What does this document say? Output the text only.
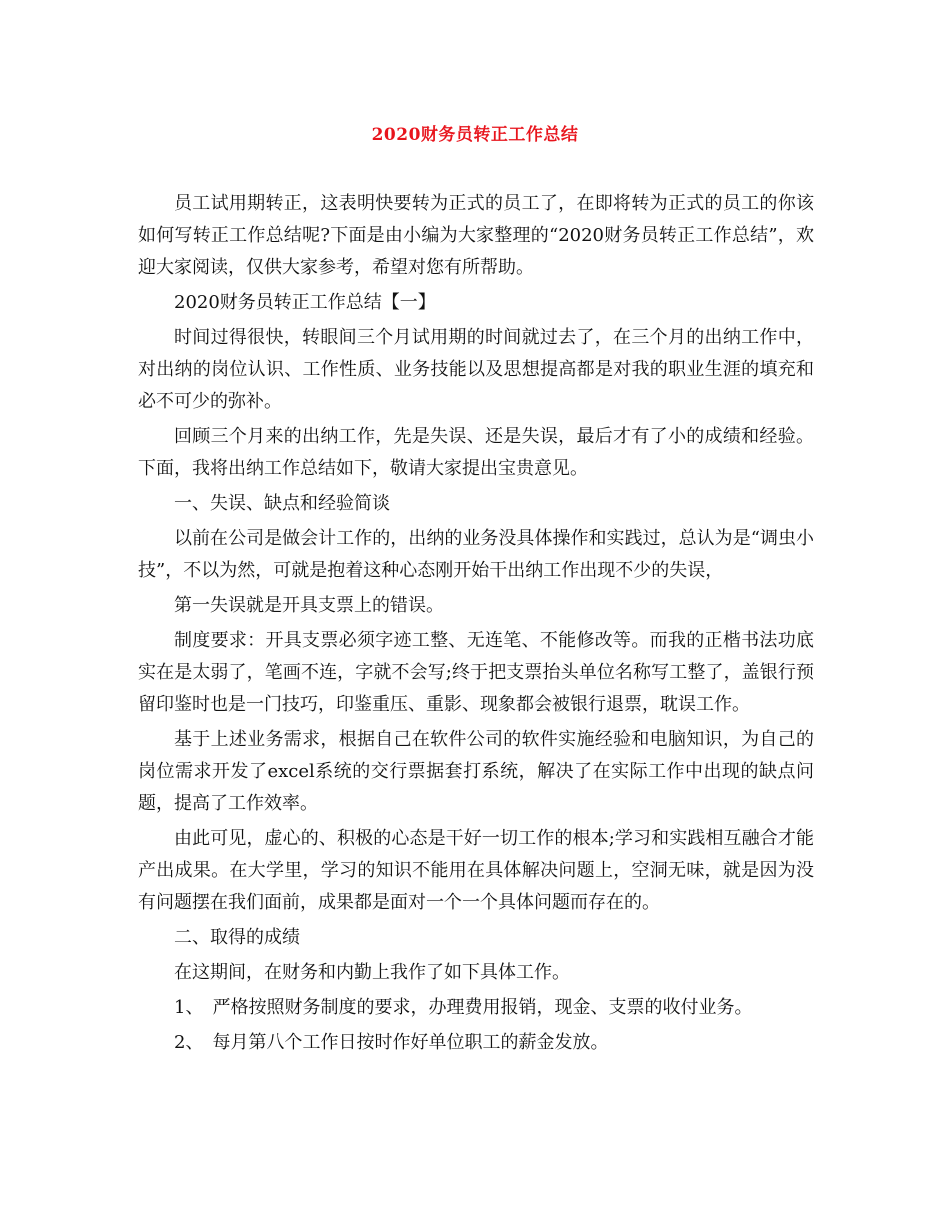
2020财务员转正工作总结

员工试用期转正，这表明快要转为正式的员工了，在即将转为正式的员工的你该如何写转正工作总结呢?下面是由小编为大家整理的“2020财务员转正工作总结”，欢迎大家阅读，仅供大家参考，希望对您有所帮助。

2020财务员转正工作总结【一】

时间过得很快，转眼间三个月试用期的时间就过去了，在三个月的出纳工作中，对出纳的岗位认识、工作性质、业务技能以及思想提高都是对我的职业生涯的填充和必不可少的弥补。

回顾三个月来的出纳工作，先是失误、还是失误，最后才有了小的成绩和经验。下面，我将出纳工作总结如下，敬请大家提出宝贵意见。

一、失误、缺点和经验简谈

以前在公司是做会计工作的，出纳的业务没具体操作和实践过，总认为是“调虫小技”，不以为然，可就是抱着这种心态刚开始干出纳工作出现不少的失误，

第一失误就是开具支票上的错误。

制度要求：开具支票必须字迹工整、无连笔、不能修改等。而我的正楷书法功底实在是太弱了，笔画不连，字就不会写;终于把支票抬头单位名称写工整了，盖银行预留印鉴时也是一门技巧，印鉴重压、重影、现象都会被银行退票，耽误工作。

基于上述业务需求，根据自己在软件公司的软件实施经验和电脑知识，为自己的岗位需求开发了excel系统的交行票据套打系统，解决了在实际工作中出现的缺点问题，提高了工作效率。

由此可见，虚心的、积极的心态是干好一切工作的根本;学习和实践相互融合才能产出成果。在大学里，学习的知识不能用在具体解决问题上，空洞无味，就是因为没有问题摆在我们面前，成果都是面对一个一个具体问题而存在的。

二、取得的成绩

在这期间，在财务和内勤上我作了如下具体工作。

1、　严格按照财务制度的要求，办理费用报销，现金、支票的收付业务。

2、　每月第八个工作日按时作好单位职工的薪金发放。
